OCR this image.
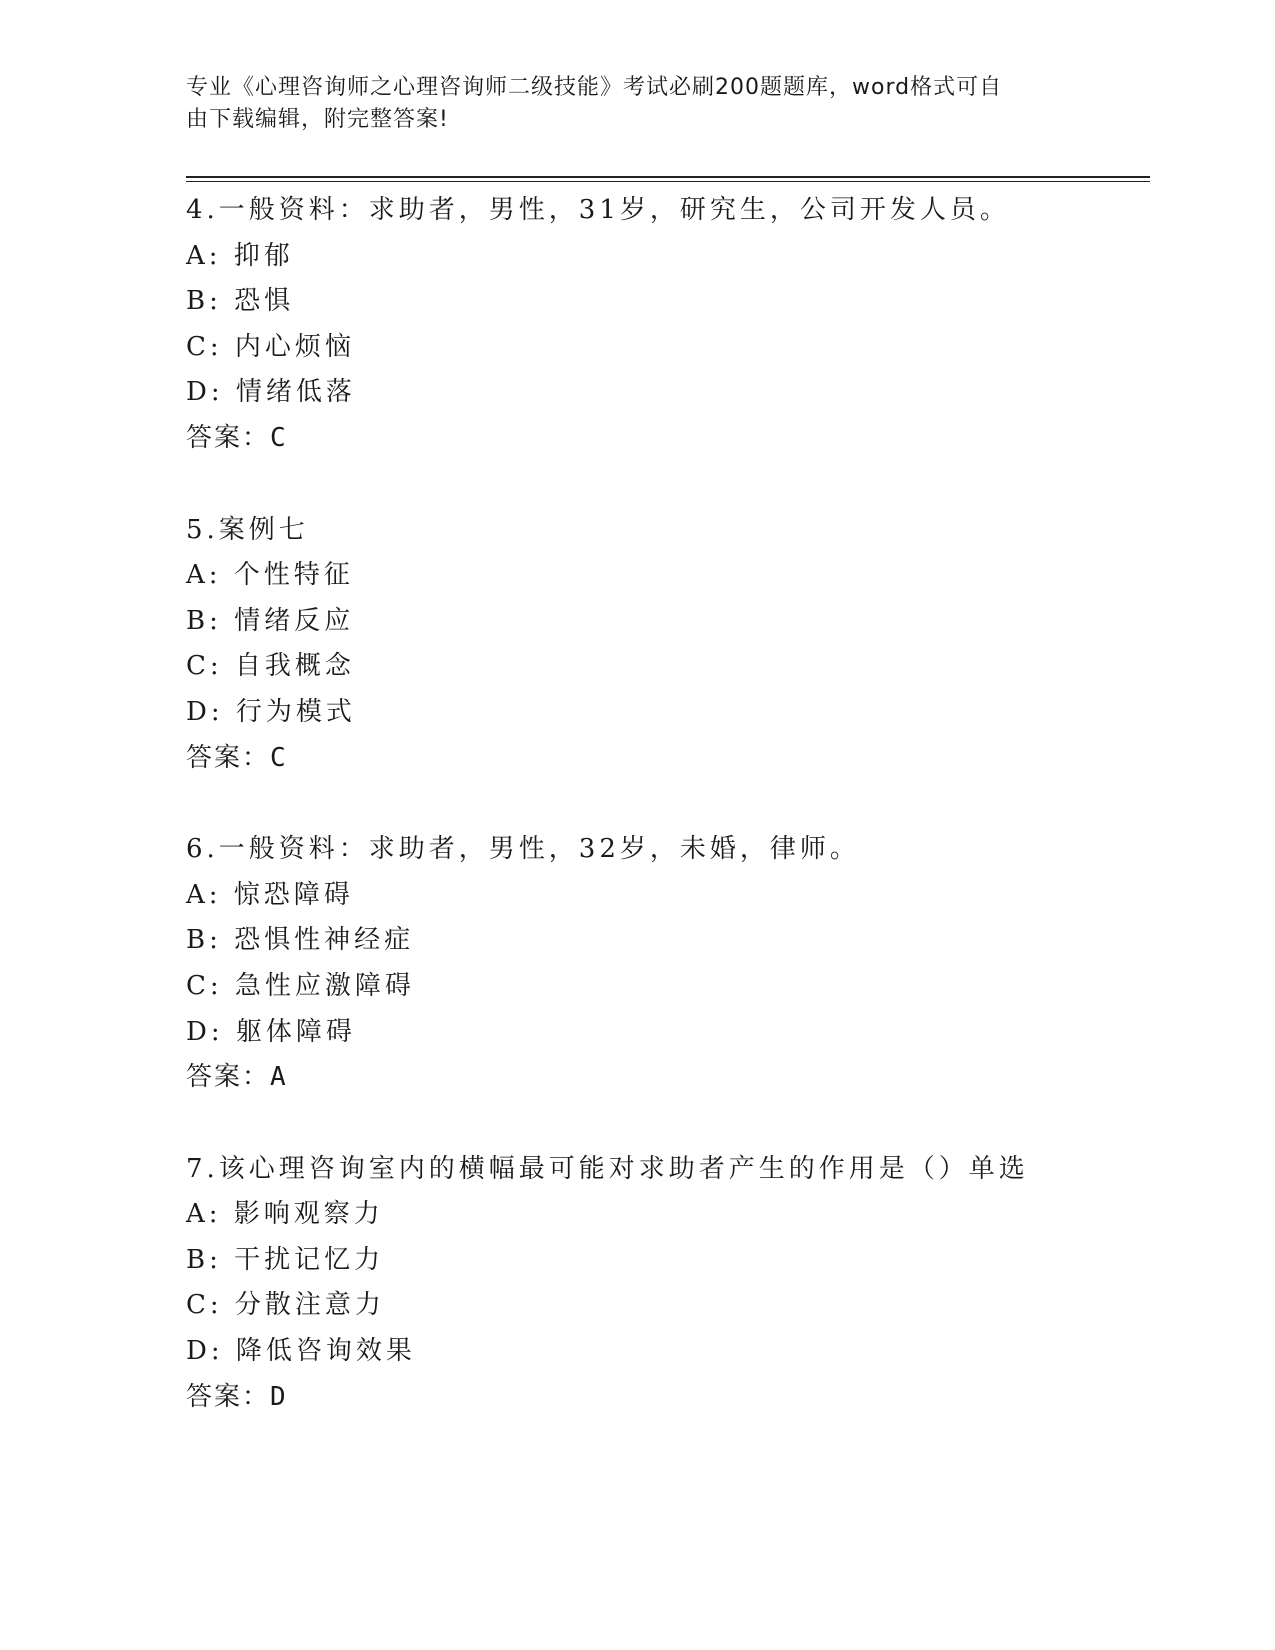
专业《心理咨询师之心理咨询师二级技能》考试必刷200题题库，word格式可自
由下载编辑，附完整答案!
4.一般资料：求助者，男性，31岁，研究生，公司开发人员。
A: 抑郁
B: 恐惧
C: 内心烦恼
D: 情绪低落
答案：C
5.案例七
A: 个性特征
B: 情绪反应
C: 自我概念
D: 行为模式
答案：C
6.一般资料：求助者，男性，32岁，未婚，律师。
A: 惊恐障碍
B: 恐惧性神经症
C: 急性应激障碍
D: 躯体障碍
答案：A
7.该心理咨询室内的横幅最可能对求助者产生的作用是（）单选
A: 影响观察力
B: 干扰记忆力
C: 分散注意力
D: 降低咨询效果
答案：D
